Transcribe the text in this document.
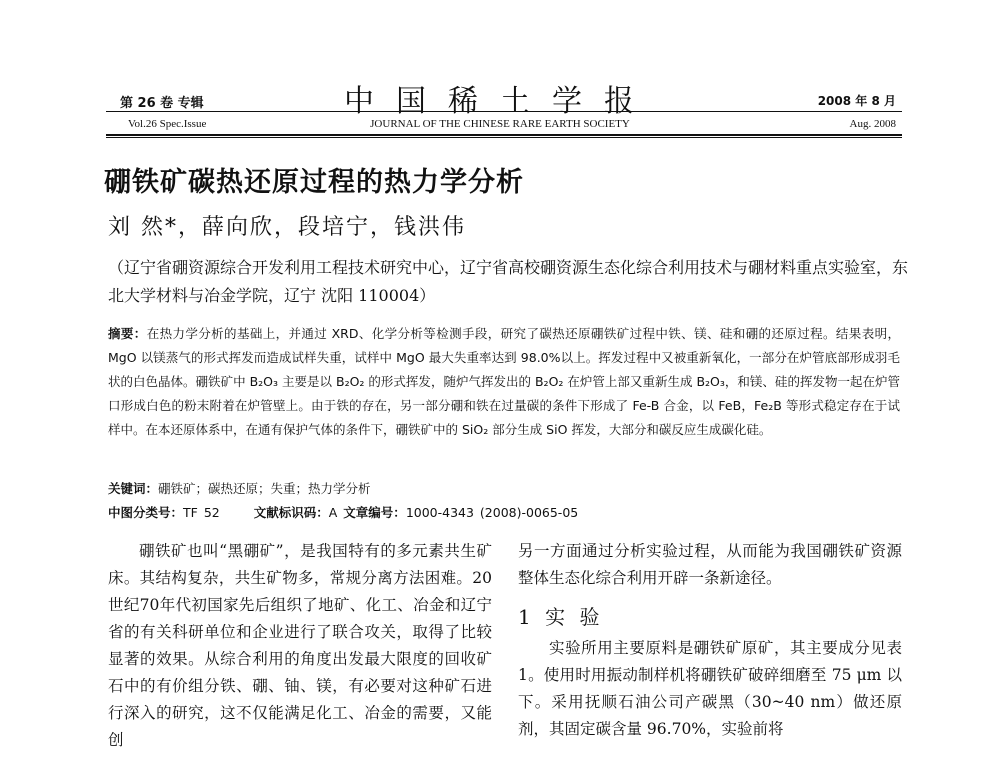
第 26 卷 专辑
Vol.26 Spec.Issue
中国稀土学报
JOURNAL OF THE CHINESE RARE EARTH SOCIETY
2008 年 8 月
Aug. 2008
硼铁矿碳热还原过程的热力学分析
刘 然*，薛向欣，段培宁，钱洪伟
（辽宁省硼资源综合开发利用工程技术研究中心，辽宁省高校硼资源生态化综合利用技术与硼材料重点实验室，东北大学材料与冶金学院，辽宁 沈阳 110004）
摘要：在热力学分析的基础上，并通过 XRD、化学分析等检测手段，研究了碳热还原硼铁矿过程中铁、镁、硅和硼的还原过程。结果表明，MgO 以镁蒸气的形式挥发而造成试样失重，试样中 MgO 最大失重率达到 98.0%以上。挥发过程中又被重新氧化，一部分在炉管底部形成羽毛状的白色晶体。硼铁矿中 B₂O₃ 主要是以 B₂O₂ 的形式挥发，随炉气挥发出的 B₂O₂ 在炉管上部又重新生成 B₂O₃，和镁、硅的挥发物一起在炉管口形成白色的粉末附着在炉管壁上。由于铁的存在，另一部分硼和铁在过量碳的条件下形成了 Fe-B 合金，以 FeB，Fe₂B 等形式稳定存在于试样中。在本还原体系中，在通有保护气体的条件下，硼铁矿中的 SiO₂ 部分生成 SiO 挥发，大部分和碳反应生成碳化硅。
关键词：硼铁矿；碳热还原；失重；热力学分析
中图分类号：TF 52	文献标识码：A 文章编号：1000-4343 (2008)-0065-05

硼铁矿也叫“黑硼矿”，是我国特有的多元素共生矿床。其结构复杂，共生矿物多，常规分离方法困难。20世纪70年代初国家先后组织了地矿、化工、冶金和辽宁省的有关科研单位和企业进行了联合攻关，取得了比较显著的效果。从综合利用的角度出发最大限度的回收矿石中的有价组分铁、硼、铀、镁，有必要对这种矿石进行深入的研究，这不仅能满足化工、冶金的需要，又能创

另一方面通过分析实验过程，从而能为我国硼铁矿资源整体生态化综合利用开辟一条新途径。

1 实 验

实验所用主要原料是硼铁矿原矿，其主要成分见表 1。使用时用振动制样机将硼铁矿破碎细磨至 75 μm 以下。采用抚顺石油公司产碳黑（30~40 nm）做还原剂，其固定碳含量 96.70%，实验前将
